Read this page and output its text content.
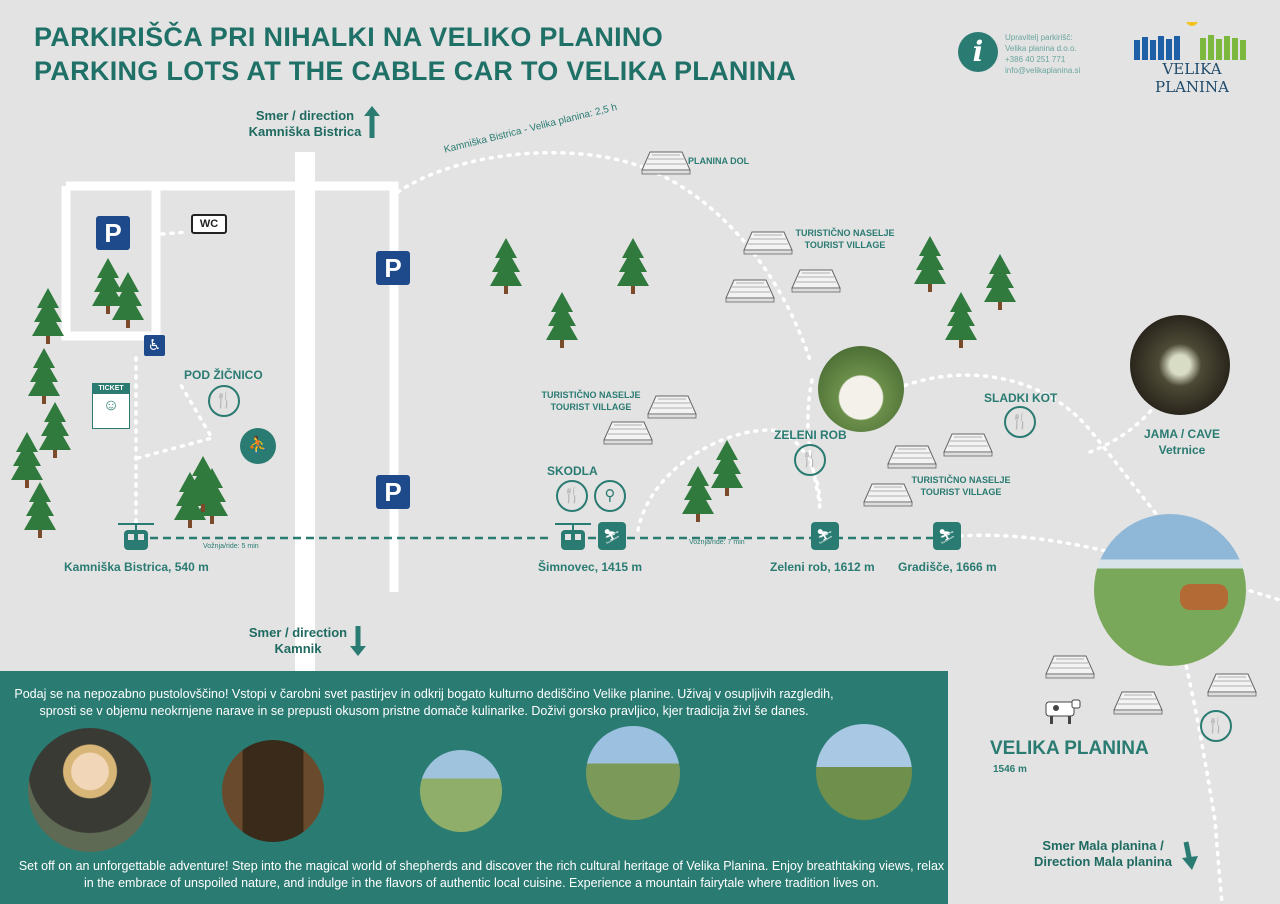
PARKIRIŠČA PRI NIHALKI NA VELIKO PLANINO
PARKING LOTS AT THE CABLE CAR TO VELIKA PLANINA
i	Upravitelj parkirišč:
Velika planina d.o.o.
+386 40 251 771
info@velikaplanina.si	VELIKA PLANINA
Smer / direction
Kamniška Bistrica
Smer / direction
Kamnik
Smer Mala planina /
Direction Mala planina
P
P
P
WC
♿
TICKET
☺
POD ŽIČNICO
🍴
⛹
Kamniška Bistrica - Velika planina: 2,5 h
PLANINA DOL
TURISTIČNO NASELJE
TOURIST VILLAGE
TURISTIČNO NASELJE
TOURIST VILLAGE
TURISTIČNO NASELJE
TOURIST VILLAGE
SKODLA
🍴	⚲
ZELENI ROB
🍴
SLADKI KOT
🍴
JAMA / CAVE
Vetrnice
⛷	⛷	⛷
Vožnja/ride: 5 min
Vožnja/ride: 7 min
Kamniška Bistrica, 540 m	Šimnovec, 1415 m	Zeleni rob, 1612 m Gradišče, 1666 m
🍴
VELIKA PLANINA
1546 m
Podaj se na nepozabno pustolovščino! Vstopi v čarobni svet pastirjev in odkrij bogato kulturno dediščino Velike planine. Uživaj v osupljivih razgledih, sprosti se v objemu neokrnjene narave in se prepusti okusom pristne domače kulinarike. Doživi gorsko pravljico, kjer tradicija živi še danes.
Set off on an unforgettable adventure! Step into the magical world of shepherds and discover the rich cultural heritage of Velika Planina. Enjoy breathtaking views, relax in the embrace of unspoiled nature, and indulge in the flavors of authentic local cuisine. Experience a mountain fairytale where tradition lives on.
